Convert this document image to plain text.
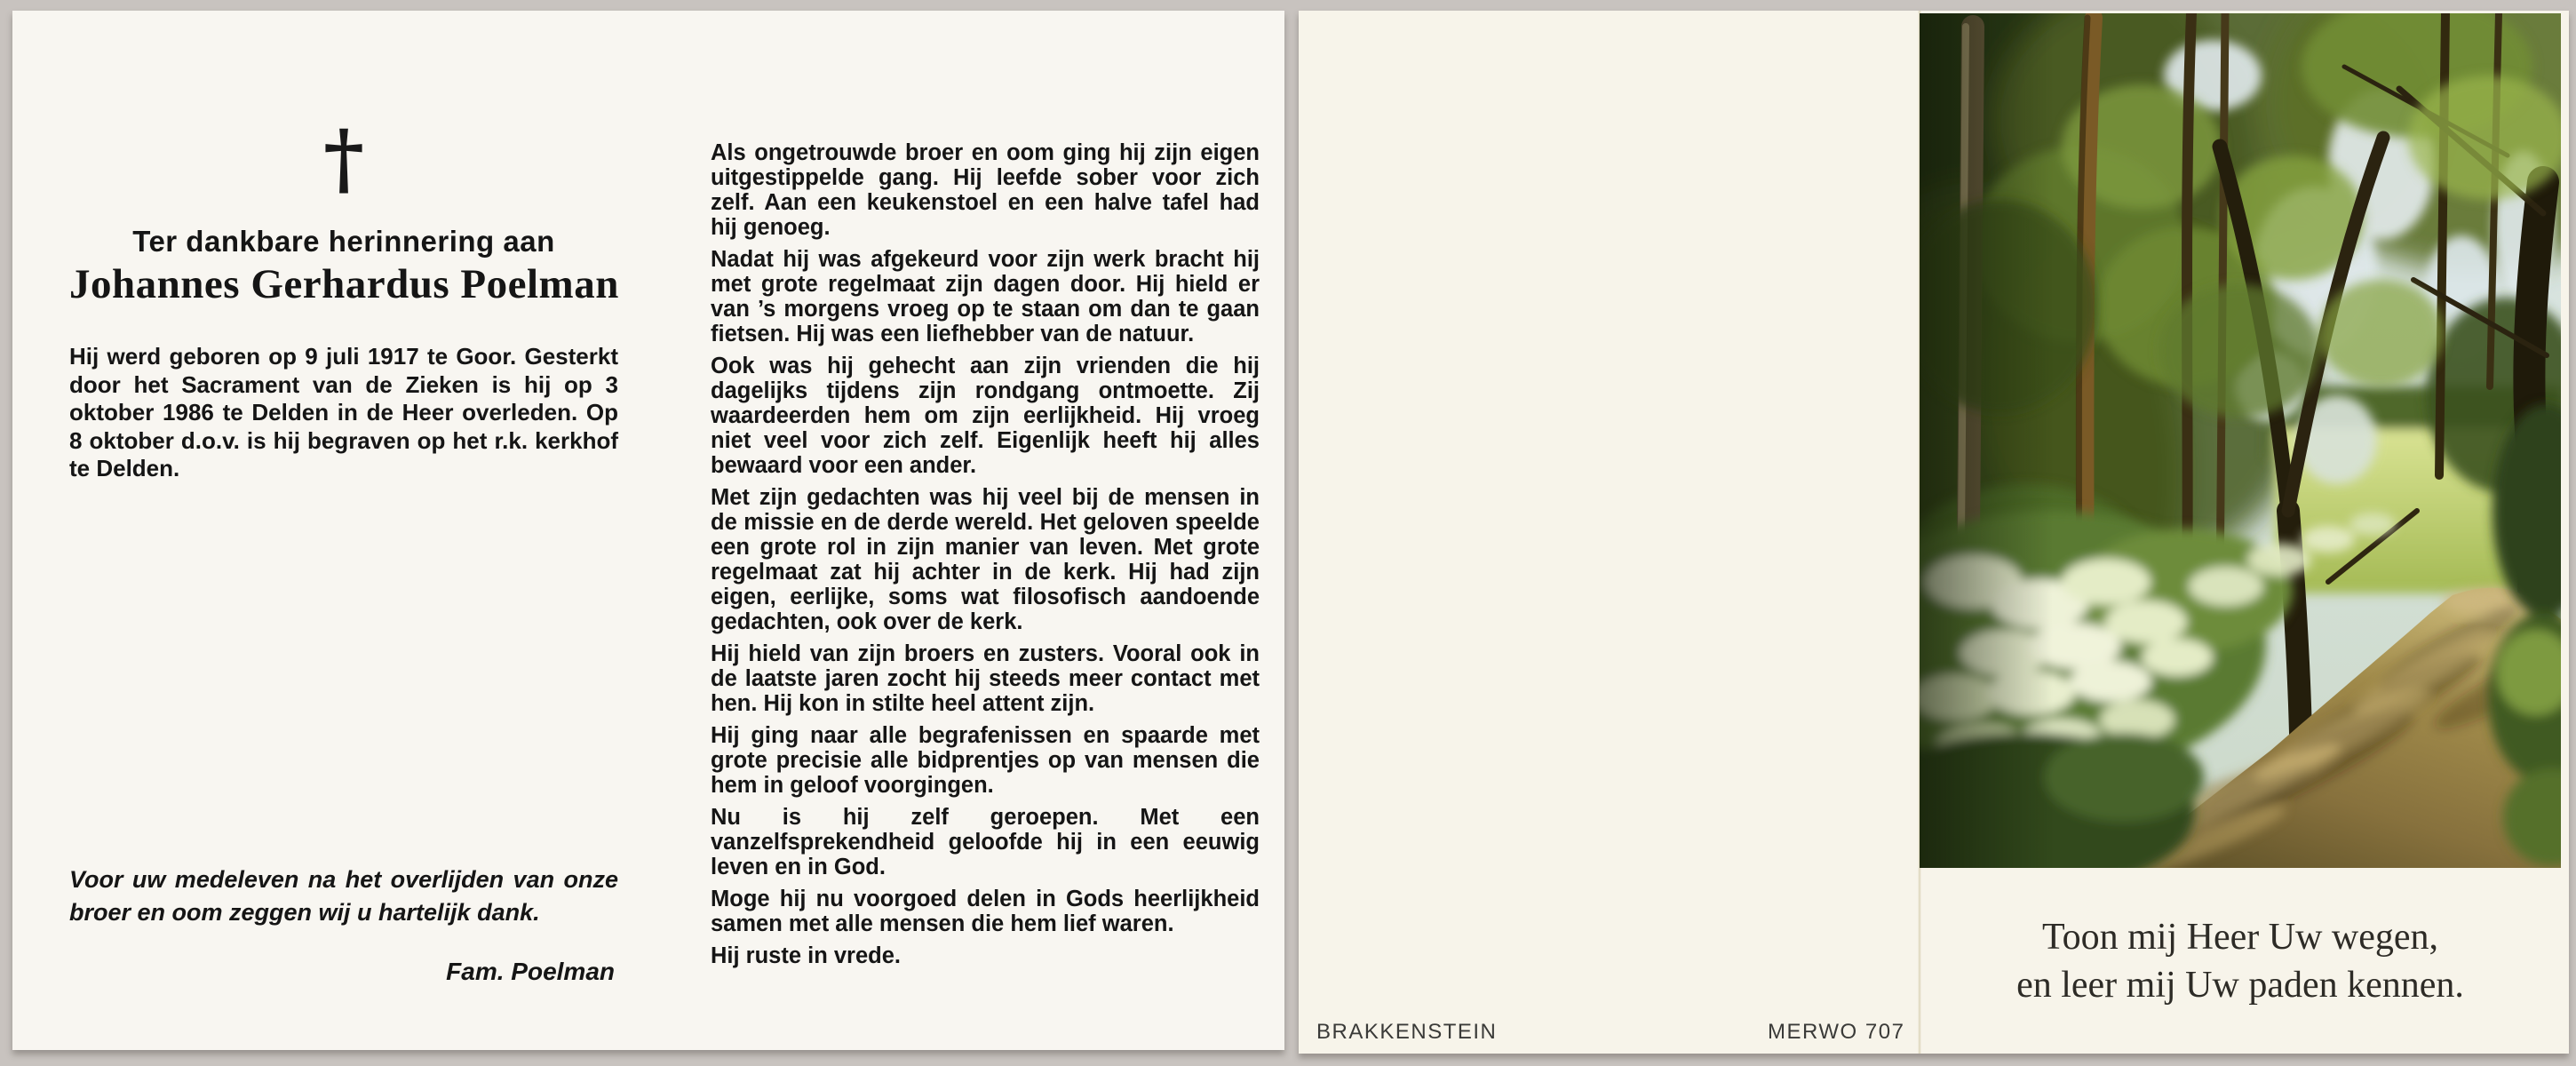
†
Ter dankbare herinnering aan
Johannes Gerhardus Poelman

Hij werd geboren op 9 juli 1917 te Goor. Gesterkt door het Sacrament van de Zieken is hij op 3 oktober 1986 te Delden in de Heer overleden. Op 8 oktober d.o.v. is hij begraven op het r.k. kerkhof te Delden.

Voor uw medeleven na het overlijden van onze broer en oom zeggen wij u hartelijk dank.

Fam. Poelman

Als ongetrouwde broer en oom ging hij zijn eigen uitgestippelde gang. Hij leefde sober voor zich zelf. Aan een keukenstoel en een halve tafel had hij genoeg.

Nadat hij was afgekeurd voor zijn werk bracht hij met grote regelmaat zijn dagen door. Hij hield er van ’s morgens vroeg op te staan om dan te gaan fietsen. Hij was een liefhebber van de natuur.

Ook was hij gehecht aan zijn vrienden die hij dagelijks tijdens zijn rondgang ontmoette. Zij waardeerden hem om zijn eerlijkheid. Hij vroeg niet veel voor zich zelf. Eigenlijk heeft hij alles bewaard voor een ander.

Met zijn gedachten was hij veel bij de mensen in de missie en de derde wereld. Het geloven speelde een grote rol in zijn manier van leven. Met grote regelmaat zat hij achter in de kerk. Hij had zijn eigen, eerlijke, soms wat filosofisch aandoende gedachten, ook over de kerk.

Hij hield van zijn broers en zusters. Vooral ook in de laatste jaren zocht hij steeds meer contact met hen. Hij kon in stilte heel attent zijn.

Hij ging naar alle begrafenissen en spaarde met grote precisie alle bidprentjes op van mensen die hem in geloof voorgingen.

Nu is hij zelf geroepen. Met een vanzelfsprekendheid geloofde hij in een eeuwig leven en in God.

Moge hij nu voorgoed delen in Gods heerlijkheid samen met alle mensen die hem lief waren.

Hij ruste in vrede.

BRAKKENSTEIN	MERWO 707
Toon mij Heer Uw wegen,
en leer mij Uw paden kennen.
